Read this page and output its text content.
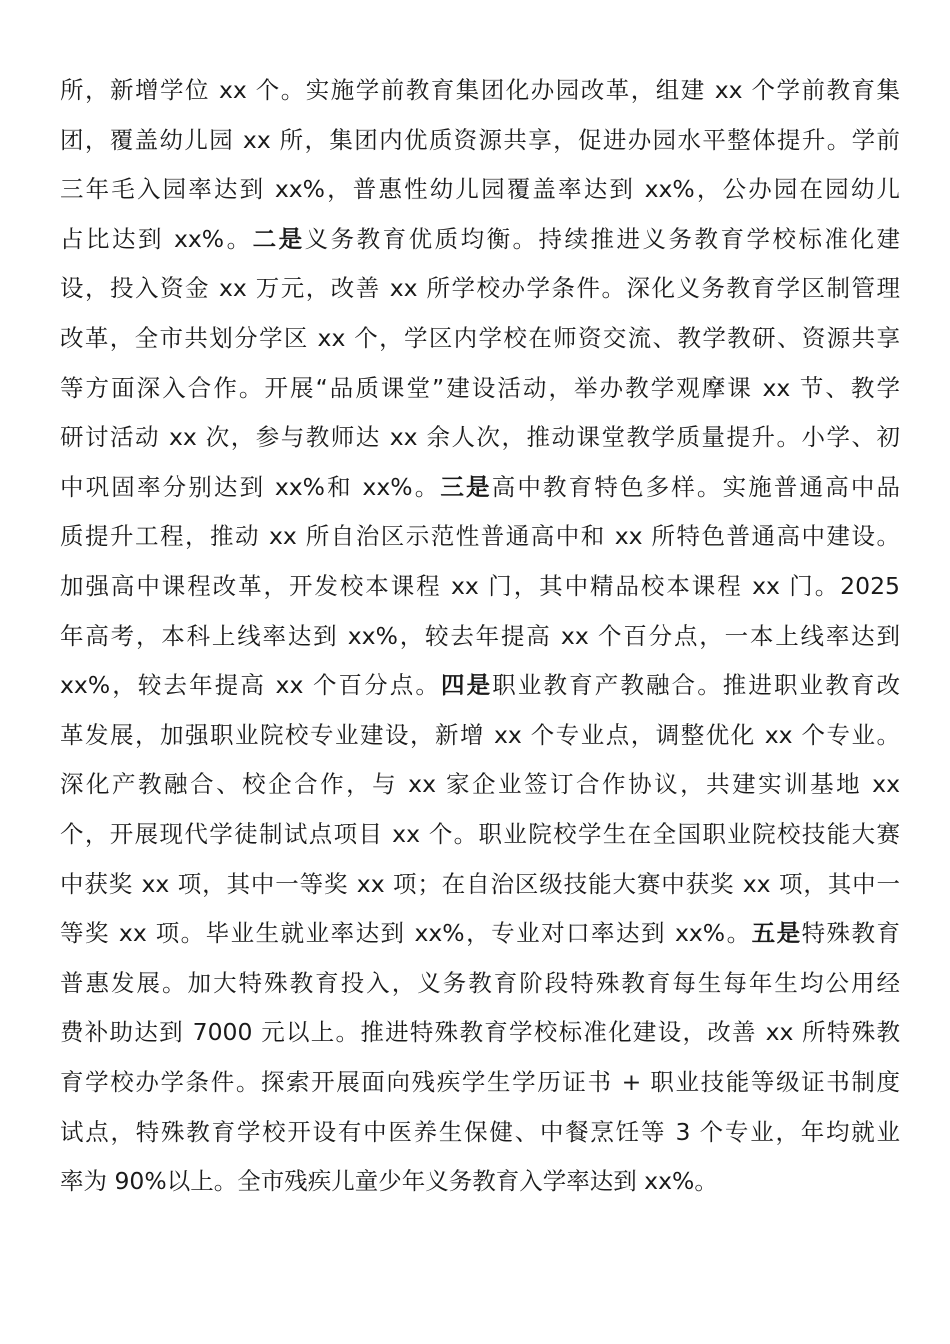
所，新增学位 xx 个。实施学前教育集团化办园改革，组建 xx 个学前教育集

团，覆盖幼儿园 xx 所，集团内优质资源共享，促进办园水平整体提升。学前

三年毛入园率达到 xx%，普惠性幼儿园覆盖率达到 xx%，公办园在园幼儿

占比达到 xx%。二是义务教育优质均衡。持续推进义务教育学校标准化建

设，投入资金 xx 万元，改善 xx 所学校办学条件。深化义务教育学区制管理

改革，全市共划分学区 xx 个，学区内学校在师资交流、教学教研、资源共享

等方面深入合作。开展“品质课堂”建设活动，举办教学观摩课 xx 节、教学

研讨活动 xx 次，参与教师达 xx 余人次，推动课堂教学质量提升。小学、初

中巩固率分别达到 xx%和 xx%。三是高中教育特色多样。实施普通高中品

质提升工程，推动 xx 所自治区示范性普通高中和 xx 所特色普通高中建设。

加强高中课程改革，开发校本课程 xx 门，其中精品校本课程 xx 门。2025

年高考，本科上线率达到 xx%，较去年提高 xx 个百分点，一本上线率达到

xx%，较去年提高 xx 个百分点。四是职业教育产教融合。推进职业教育改

革发展，加强职业院校专业建设，新增 xx 个专业点，调整优化 xx 个专业。

深化产教融合、校企合作，与 xx 家企业签订合作协议，共建实训基地 xx

个，开展现代学徒制试点项目 xx 个。职业院校学生在全国职业院校技能大赛

中获奖 xx 项，其中一等奖 xx 项；在自治区级技能大赛中获奖 xx 项，其中一

等奖 xx 项。毕业生就业率达到 xx%，专业对口率达到 xx%。五是特殊教育

普惠发展。加大特殊教育投入，义务教育阶段特殊教育每生每年生均公用经

费补助达到 7000 元以上。推进特殊教育学校标准化建设，改善 xx 所特殊教

育学校办学条件。探索开展面向残疾学生学历证书 + 职业技能等级证书制度

试点，特殊教育学校开设有中医养生保健、中餐烹饪等 3 个专业，年均就业

率为 90%以上。全市残疾儿童少年义务教育入学率达到 xx%。
